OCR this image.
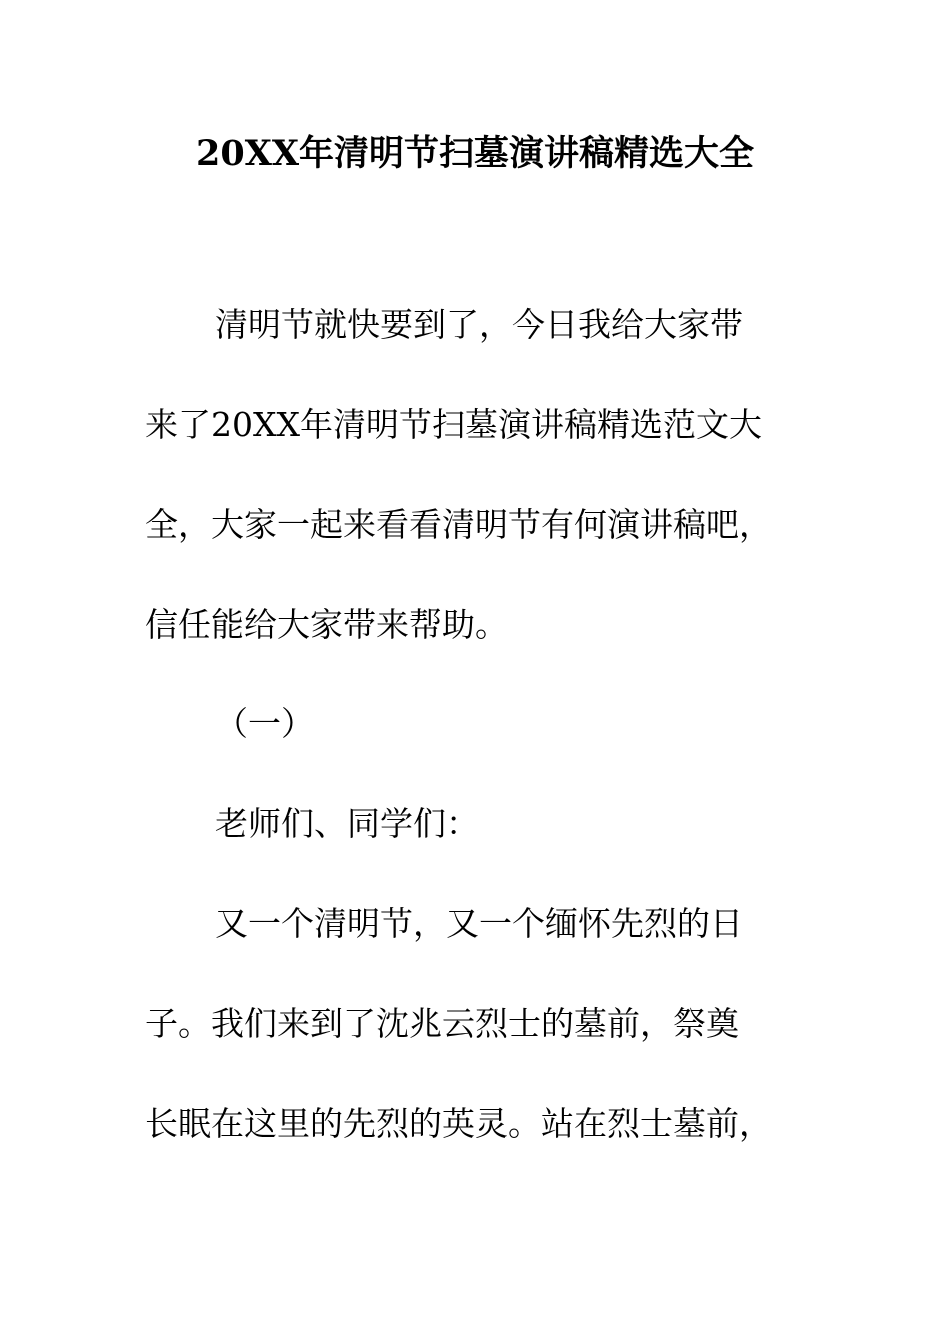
20XX年清明节扫墓演讲稿精选大全
清明节就快要到了，今日我给大家带
来了20XX年清明节扫墓演讲稿精选范文大
全，大家一起来看看清明节有何演讲稿吧，
信任能给大家带来帮助。
（一）
老师们、同学们：
又一个清明节，又一个缅怀先烈的日
子。我们来到了沈兆云烈士的墓前，祭奠
长眠在这里的先烈的英灵。站在烈士墓前，
